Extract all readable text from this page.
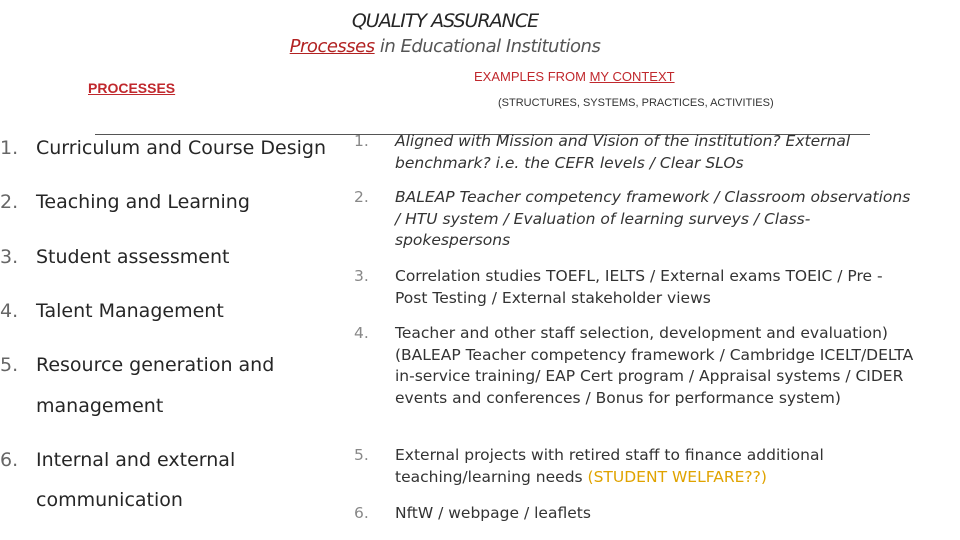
QUALITY ASSURANCE
Processes in Educational Institutions
PROCESSES
EXAMPLES FROM MY CONTEXT
(STRUCTURES, SYSTEMS, PRACTICES, ACTIVITIES)
1. Curriculum and Course Design
2. Teaching and Learning
3. Student assessment
4. Talent Management
5. Resource generation and
management
6. Internal and external
communication
1. Aligned with Mission and Vision of the institution? External benchmark? i.e. the CEFR levels / Clear SLOs
2. BALEAP Teacher competency framework / Classroom observations / HTU system / Evaluation of learning surveys / Class-spokespersons
3. Correlation studies TOEFL, IELTS / External exams TOEIC / Pre -Post Testing / External stakeholder views
4. Teacher and other staff selection, development and evaluation) (BALEAP Teacher competency framework / Cambridge ICELT/DELTA in-service training/ EAP Cert program / Appraisal systems / CIDER events and conferences / Bonus for performance system)
5. External projects with retired staff to finance additional teaching/learning needs (STUDENT WELFARE??)
6. NftW / webpage / leaflets
